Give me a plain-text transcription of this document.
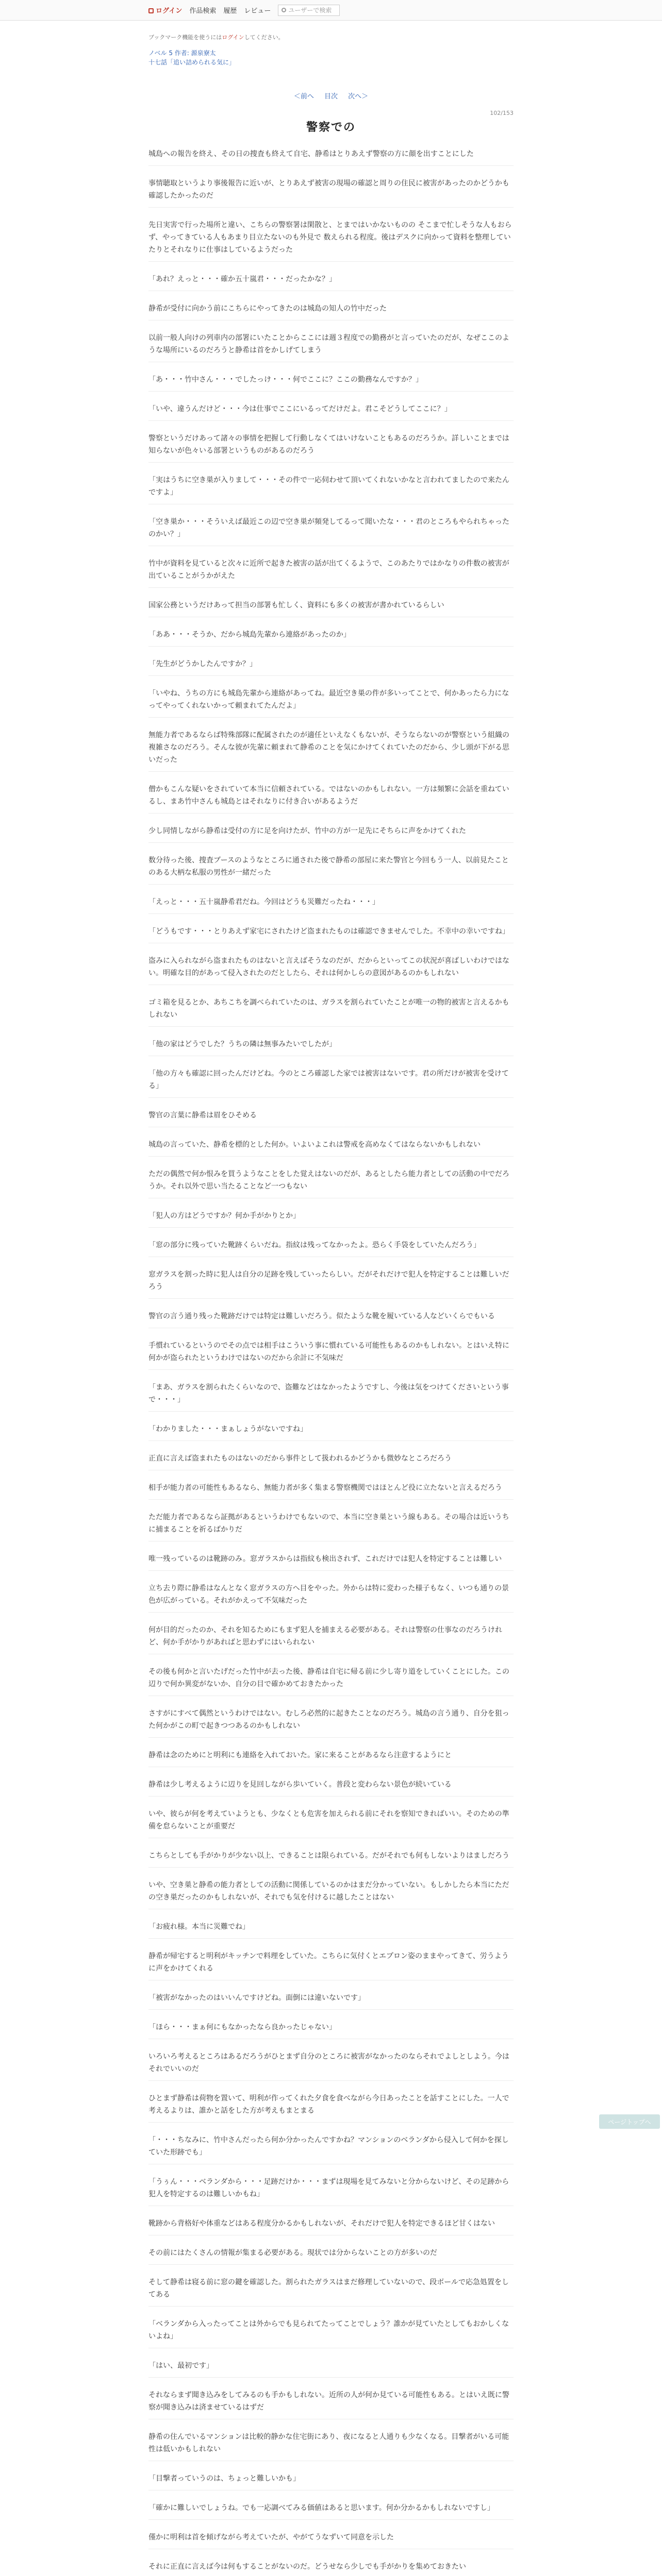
ログイン 作品検索 履歴 レビュー	ユーザーで検索
ブックマーク機能を使うにはログインしてください。
ノベル 5 作者: 源泉寮太
十七話「追い詰められる気に」
＜前へ 目次 次へ＞
102/153
警察での

城島への報告を終え、その日の捜査も終えて自宅、静希はとりあえず警察の方に顔を出すことにした

事情聴取というより事後報告に近いが、とりあえず被害の現場の確認と周りの住民に被害があったのかどうかも確認したかったのだ

先日実害で行った場所と違い、こちらの警察署は閑散と、とまではいかないものの そこまで忙しそうな人もおらず、やってきている人もあまり目立たないのも外見で 数えられる程度。後はデスクに向かって資料を整理していたりとそれなりに仕事はしているようだった

「あれ？えっと・・・確か五十嵐君・・・だったかな？」

静希が受付に向かう前にこちらにやってきたのは城島の知人の竹中だった

以前一般人向けの列車内の部署にいたことからここには週３程度での勤務がと言っていたのだが、なぜここのような場所にいるのだろうと静希は首をかしげてしまう

「あ・・・竹中さん・・・でしたっけ・・・何でここに？ここの勤務なんですか？」

「いや、違うんだけど・・・今は仕事でここにいるってだけだよ。君こそどうしてここに？」

警察というだけあって諸々の事情を把握して行動しなくてはいけないこともあるのだろうか。詳しいことまでは知らないが色々いる部署というものがあるのだろう

「実はうちに空き巣が入りまして・・・その件で一応伺わせて頂いてくれないかなと言われてましたので来たんですよ」

「空き巣か・・・そういえば最近この辺で空き巣が頻発してるって聞いたな・・・君のところもやられちゃったのかい？」

竹中が資料を見ていると次々に近所で起きた被害の話が出てくるようで、このあたりではかなりの件数の被害が出ていることがうかがえた

国家公務というだけあって担当の部署も忙しく、資料にも多くの被害が書かれているらしい

「ああ・・・そうか、だから城島先輩から連絡があったのか」

「先生がどうかしたんですか？」

「いやね、うちの方にも城島先輩から連絡があってね。最近空き巣の件が多いってことで、何かあったら力になってやってくれないかって頼まれてたんだよ」

無能力者であるならば特殊部隊に配属されたのが適任といえなくもないが、そうならないのが警察という組織の複雑さなのだろう。そんな彼が先輩に頼まれて静希のことを気にかけてくれていたのだから、少し頭が下がる思いだった

僧かもこんな疑いをされていて本当に信頼されている。ではないのかもしれない。一方は頻繁に会話を重ねているし、まあ竹中さんも城島とはそれなりに付き合いがあるようだ

少し同情しながら静希は受付の方に足を向けたが、竹中の方が一足先にそちらに声をかけてくれた

数分待った後、捜査ブースのようなところに通された後で静希の部屋に来た警官と今回もう一人、以前見たことのある大柄な私服の男性が一緒だった

「えっと・・・五十嵐静希君だね。今回はどうも災難だったね・・・」

「どうもです・・・とりあえず家宅にされたけど盗まれたものは確認できませんでした。不幸中の幸いですね」

盗みに入られながら盗まれたものはないと言えばそうなのだが、だからといってこの状況が喜ばしいわけではない。明確な目的があって侵入されたのだとしたら、それは何かしらの意図があるのかもしれない

ゴミ箱を見るとか、あちこちを調べられていたのは、ガラスを割られていたことが唯一の物的被害と言えるかもしれない

「他の家はどうでした？うちの隣は無事みたいでしたが」

「他の方々も確認に回ったんだけどね。今のところ確認した家では被害はないです。君の所だけが被害を受けてる」

警官の言葉に静希は眉をひそめる

城島の言っていた、静希を標的とした何か。いよいよこれは警戒を高めなくてはならないかもしれない

ただの偶然で何か恨みを買うようなことをした覚えはないのだが、あるとしたら能力者としての活動の中でだろうか。それ以外で思い当たることなど一つもない

「犯人の方はどうですか？何か手がかりとか」

「窓の部分に残っていた靴跡くらいだね。指紋は残ってなかったよ。恐らく手袋をしていたんだろう」

窓ガラスを割った時に犯人は自分の足跡を残していったらしい。だがそれだけで犯人を特定することは難しいだろう

警官の言う通り残った靴跡だけでは特定は難しいだろう。似たような靴を履いている人などいくらでもいる

手慣れているというのでその点では相手はこういう事に慣れている可能性もあるのかもしれない。とはいえ特に何かが盗られたというわけではないのだから余計に不気味だ

「まあ、ガラスを割られたくらいなので、盗難などはなかったようですし、今後は気をつけてくださいという事で・・・」

「わかりました・・・まぁしょうがないですね」

正直に言えば盗まれたものはないのだから事件として扱われるかどうかも微妙なところだろう

相手が能力者の可能性もあるなら、無能力者が多く集まる警察機関ではほとんど役に立たないと言えるだろう

ただ能力者であるなら証拠があるというわけでもないので、本当に空き巣という線もある。その場合は近いうちに捕まることを祈るばかりだ

唯一残っているのは靴跡のみ。窓ガラスからは指紋も検出されず、これだけでは犯人を特定することは難しい

立ち去り際に静希はなんとなく窓ガラスの方へ目をやった。外からは特に変わった様子もなく、いつも通りの景色が広がっている。それがかえって不気味だった

何が目的だったのか、それを知るためにもまず犯人を捕まえる必要がある。それは警察の仕事なのだろうけれど、何か手がかりがあればと思わずにはいられない

その後も何かと言いたげだった竹中が去った後、静希は自宅に帰る前に少し寄り道をしていくことにした。この辺りで何か異変がないか、自分の目で確かめておきたかった

さすがにすべて偶然というわけではない。むしろ必然的に起きたことなのだろう。城島の言う通り、自分を狙った何かがこの町で起きつつあるのかもしれない

静希は念のためにと明利にも連絡を入れておいた。家に来ることがあるなら注意するようにと

静希は少し考えるように辺りを見回しながら歩いていく。普段と変わらない景色が続いている

いや、彼らが何を考えていようとも、少なくとも危害を加えられる前にそれを察知できればいい。そのための準備を怠らないことが重要だ

こちらとしても手がかりが少ない以上、できることは限られている。だがそれでも何もしないよりはましだろう

いや、空き巣と静希の能力者としての活動に関係しているのかはまだ分かっていない。もしかしたら本当にただの空き巣だったのかもしれないが、それでも気を付けるに越したことはない

「お疲れ様。本当に災難でね」

静希が帰宅すると明利がキッチンで料理をしていた。こちらに気付くとエプロン姿のままやってきて、労うように声をかけてくれる

「被害がなかったのはいいんですけどね。面倒には違いないです」

「ほら・・・まぁ何にもなかったなら良かったじゃない」

いろいろ考えるところはあるだろうがひとまず自分のところに被害がなかったのならそれでよしとしよう。今はそれでいいのだ

ひとまず静希は荷物を置いて、明利が作ってくれた夕食を食べながら今日あったことを話すことにした。一人で考えるよりは、誰かと話をした方が考えもまとまる

「・・・ちなみに、竹中さんだったら何か分かったんですかね？マンションのベランダから侵入して何かを探していた形跡でも」

「うぅん・・・ベランダから・・・足跡だけか・・・まずは現場を見てみないと分からないけど、その足跡から犯人を特定するのは難しいかもね」

靴跡から背格好や体重などはある程度分かるかもしれないが、それだけで犯人を特定できるほど甘くはない

その前にはたくさんの情報が集まる必要がある。現状では分からないことの方が多いのだ

そして静希は寝る前に窓の鍵を確認した。割られたガラスはまだ修理していないので、段ボールで応急処置をしてある

「ベランダから入ったってことは外からでも見られてたってことでしょう？誰かが見ていたとしてもおかしくないよね」

「はい、最初です」

それならまず聞き込みをしてみるのも手かもしれない。近所の人が何か見ている可能性もある。とはいえ既に警察が聞き込みは済ませているはずだ

静希の住んでいるマンションは比較的静かな住宅街にあり、夜になると人通りも少なくなる。目撃者がいる可能性は低いかもしれない

「目撃者っていうのは、ちょっと難しいかも」

「確かに難しいでしょうね。でも一応調べてみる価値はあると思います。何か分かるかもしれないですし」

僅かに明利は首を傾げながら考えていたが、やがてうなずいて同意を示した

それに正直に言えば今は何もすることがないのだ。どうせなら少しでも手がかりを集めておきたい

ページトップへ
